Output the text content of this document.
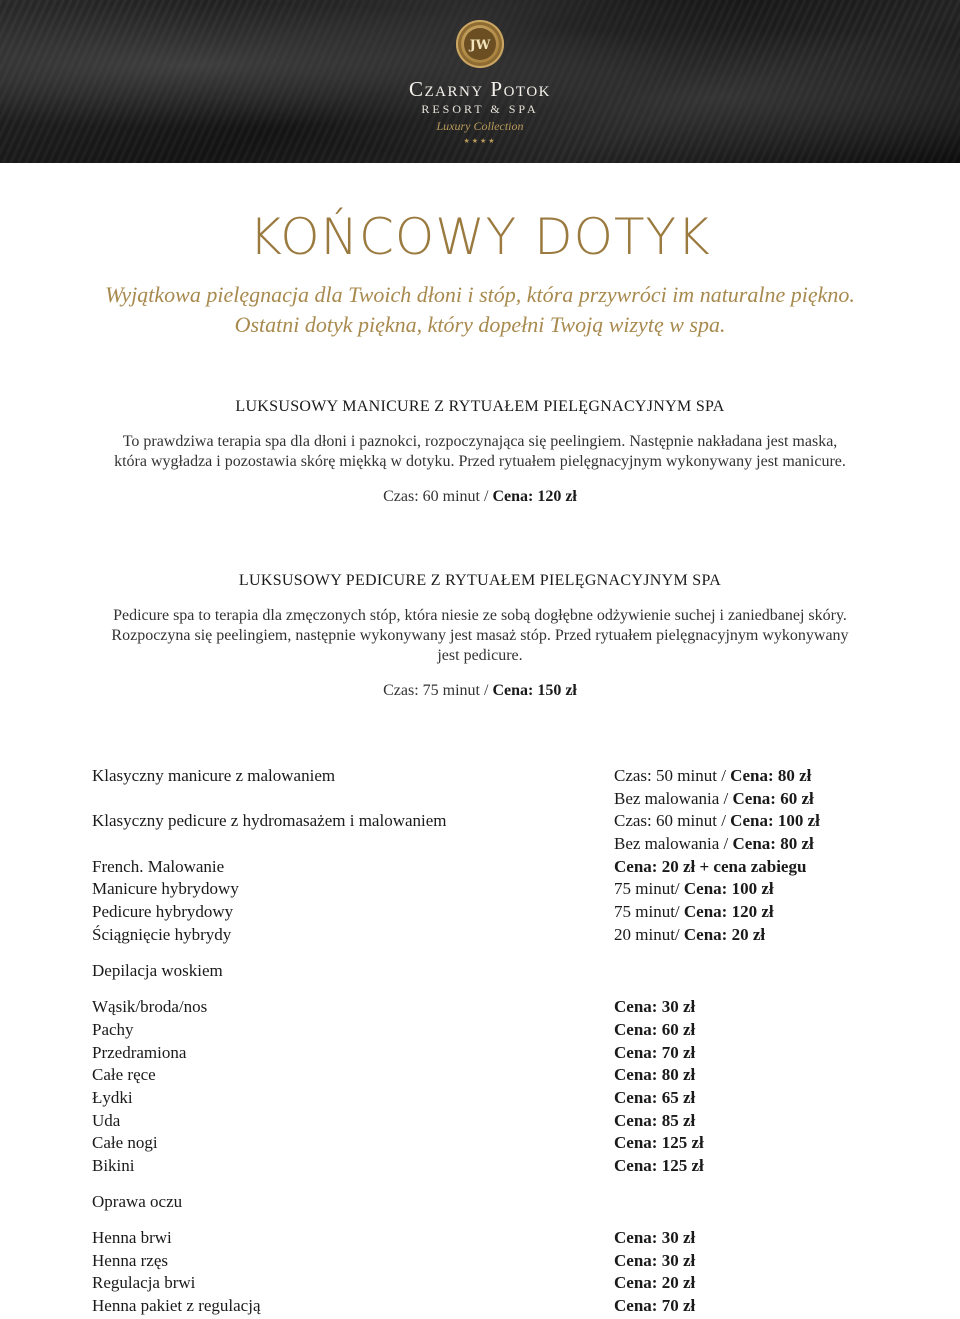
JW
Czarny Potok
RESORT & SPA
Luxury Collection
★★★★
KOŃCOWY DOTYK
Wyjątkowa pielęgnacja dla Twoich dłoni i stóp, która przywróci im naturalne piękno.
Ostatni dotyk piękna, który dopełni Twoją wizytę w spa.
LUKSUSOWY MANICURE Z RYTUAŁEM PIELĘGNACYJNYM SPA
To prawdziwa terapia spa dla dłoni i paznokci, rozpoczynająca się peelingiem. Następnie nakładana jest maska,
która wygładza i pozostawia skórę miękką w dotyku. Przed rytuałem pielęgnacyjnym wykonywany jest manicure.
Czas: 60 minut / Cena: 120 zł
LUKSUSOWY PEDICURE Z RYTUAŁEM PIELĘGNACYJNYM SPA
Pedicure spa to terapia dla zmęczonych stóp, która niesie ze sobą dogłębne odżywienie suchej i zaniedbanej skóry.
Rozpoczyna się peelingiem, następnie wykonywany jest masaż stóp. Przed rytuałem pielęgnacyjnym wykonywany
jest pedicure.
Czas: 75 minut / Cena: 150 zł
Klasyczny manicure z malowaniem	Czas: 50 minut / Cena: 80 zł
Bez malowania / Cena: 60 zł
Klasyczny pedicure z hydromasażem i malowaniem	Czas: 60 minut / Cena: 100 zł
Bez malowania / Cena: 80 zł
French. Malowanie	Cena: 20 zł + cena zabiegu
Manicure hybrydowy	75 minut/ Cena: 100 zł
Pedicure hybrydowy	75 minut/ Cena: 120 zł
Ściągnięcie hybrydy	20 minut/ Cena: 20 zł
Depilacja woskiem
Wąsik/broda/nos	Cena: 30 zł
Pachy	Cena: 60 zł
Przedramiona	Cena: 70 zł
Całe ręce	Cena: 80 zł
Łydki	Cena: 65 zł
Uda	Cena: 85 zł
Całe nogi	Cena: 125 zł
Bikini	Cena: 125 zł
Oprawa oczu
Henna brwi	Cena: 30 zł
Henna rzęs	Cena: 30 zł
Regulacja brwi	Cena: 20 zł
Henna pakiet z regulacją	Cena: 70 zł
